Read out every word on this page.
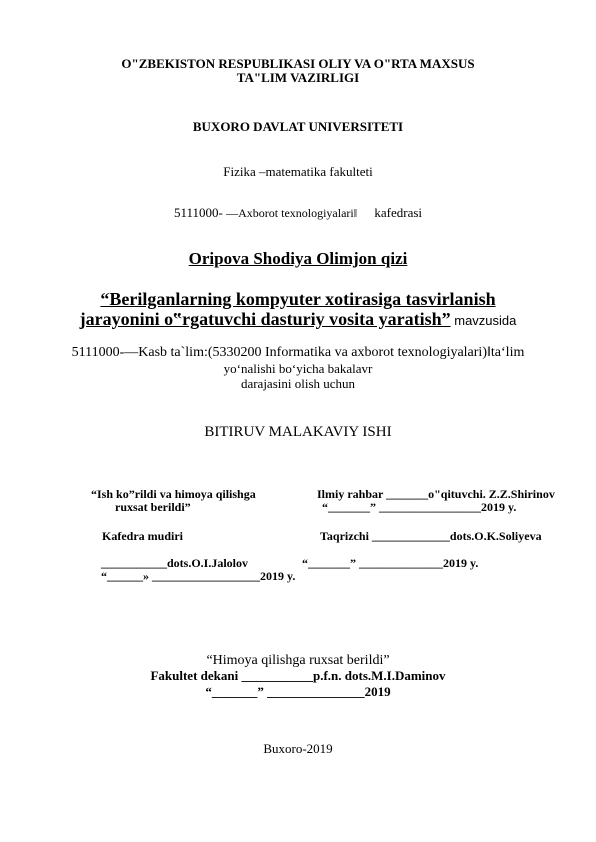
O"ZBEKISTON RESPUBLIKASI OLIY VA O"RTA MAXSUS
TA"LIM VAZIRLIGI
BUXORO DAVLAT UNIVERSITETI
Fizika –matematika fakulteti
5111000- ―Axborot texnologiyalari‖ kafedrasi
Oripova Shodiya Olimjon qizi
“Berilganlarning kompyuter xotirasiga tasvirlanish
jarayonini o‟rgatuvchi dasturiy vosita yaratish” mavzusida
5111000-―Kasb ta`lim:(5330200 Informatika va axborot texnologiyalari)‖ta‘lim
yo‘nalishi bo‘yicha bakalavr
darajasini olish uchun
BITIRUV MALAKAVIY ISHI
“Ish ko”rildi va himoya qilishga
ruxsat berildi”
Ilmiy rahbar _______o"qituvchi. Z.Z.Shirinov
“_______” _________________2019 y.
Kafedra mudiri	Taqrizchi _____________dots.O.K.Soliyeva
___________dots.O.I.Jalolov
“______» __________________2019 y.
“_______” ______________2019 y.
“Himoya qilishga ruxsat berildi”
Fakultet dekani ___________p.f.n. dots.M.I.Daminov
“_______” _______________2019
Buxoro-2019
